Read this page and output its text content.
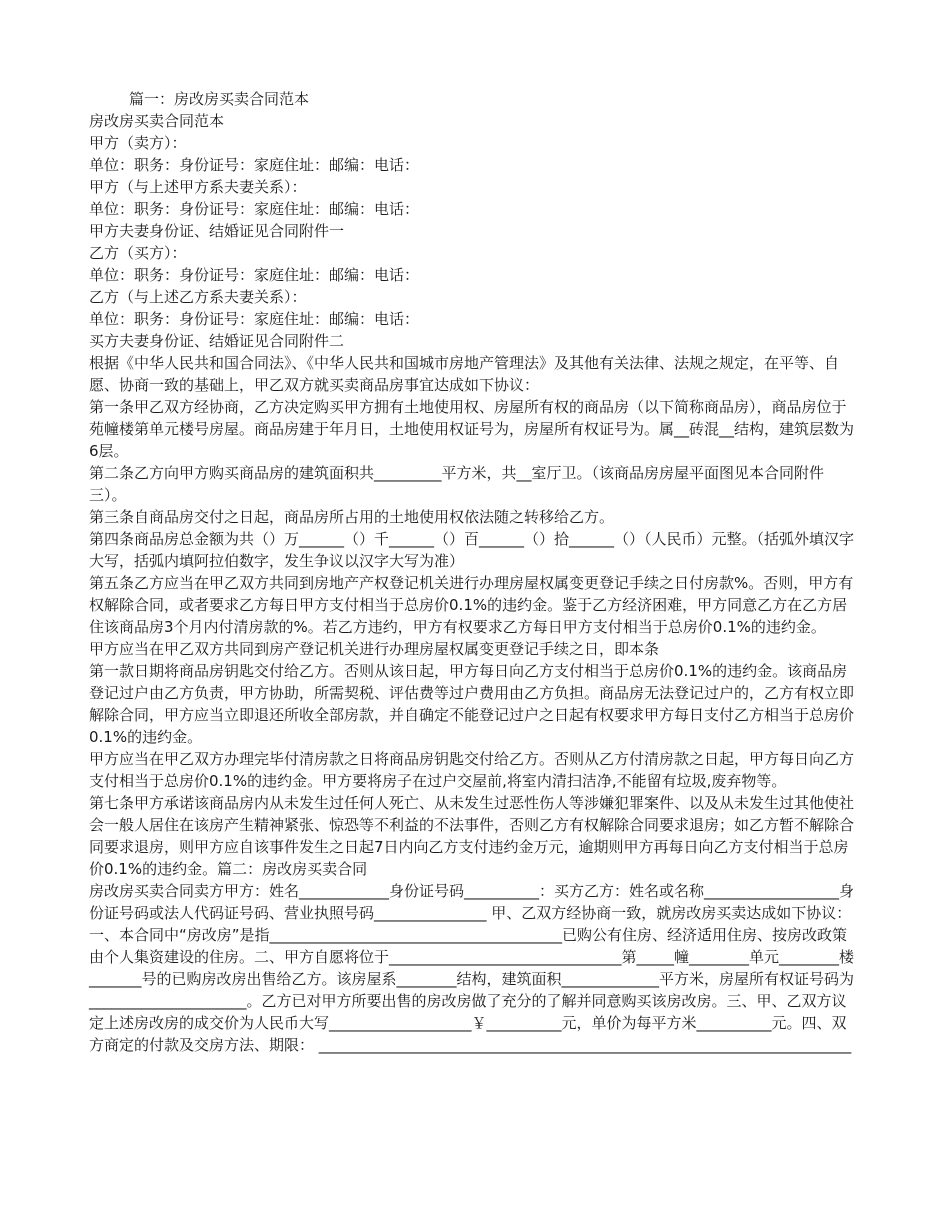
篇一：房改房买卖合同范本
房改房买卖合同范本
甲方（卖方）：
单位：职务：身份证号：家庭住址：邮编：电话：
甲方（与上述甲方系夫妻关系）：
单位：职务：身份证号：家庭住址：邮编：电话：
甲方夫妻身份证、结婚证见合同附件一
乙方（买方）：
单位：职务：身份证号：家庭住址：邮编：电话：
乙方（与上述乙方系夫妻关系）：
单位：职务：身份证号：家庭住址：邮编：电话：
买方夫妻身份证、结婚证见合同附件二
根据《中华人民共和国合同法》、《中华人民共和国城市房地产管理法》及其他有关法律、法规之规定，在平等、自愿、协商一致的基础上，甲乙双方就买卖商品房事宜达成如下协议：
第一条甲乙双方经协商，乙方决定购买甲方拥有土地使用权、房屋所有权的商品房（以下简称商品房），商品房位于苑幢楼第单元楼号房屋。商品房建于年月日，土地使用权证号为，房屋所有权证号为。属__砖混__结构，建筑层数为6层。
第二条乙方向甲方购买商品房的建筑面积共_________平方米，共__室厅卫。（该商品房房屋平面图见本合同附件三）。
第三条自商品房交付之日起，商品房所占用的土地使用权依法随之转移给乙方。
第四条商品房总金额为共（）万______（）千______（）百______（）拾______（）（人民币）元整。（括弧外填汉字大写，括弧内填阿拉伯数字，发生争议以汉字大写为准）
第五条乙方应当在甲乙双方共同到房地产产权登记机关进行办理房屋权属变更登记手续之日付房款%。否则，甲方有权解除合同，或者要求乙方每日甲方支付相当于总房价0.1%的违约金。鉴于乙方经济困难，甲方同意乙方在乙方居住该商品房3个月内付清房款的%。若乙方违约，甲方有权要求乙方每日甲方支付相当于总房价0.1%的违约金。
甲方应当在甲乙双方共同到房产登记机关进行办理房屋权属变更登记手续之日，即本条
第一款日期将商品房钥匙交付给乙方。否则从该日起，甲方每日向乙方支付相当于总房价0.1%的违约金。该商品房登记过户由乙方负责，甲方协助，所需契税、评估费等过户费用由乙方负担。商品房无法登记过户的，乙方有权立即解除合同，甲方应当立即退还所收全部房款，并自确定不能登记过户之日起有权要求甲方每日支付乙方相当于总房价0.1%的违约金。
甲方应当在甲乙双方办理完毕付清房款之日将商品房钥匙交付给乙方。否则从乙方付清房款之日起，甲方每日向乙方支付相当于总房价0.1%的违约金。甲方要将房子在过户交屋前,将室内清扫洁净,不能留有垃圾,废弃物等。
第七条甲方承诺该商品房内从未发生过任何人死亡、从未发生过恶性伤人等涉嫌犯罪案件、以及从未发生过其他使社会一般人居住在该房产生精神紧张、惊恐等不利益的不法事件，否则乙方有权解除合同要求退房；如乙方暂不解除合同要求退房，则甲方应自该事件发生之日起7日内向乙方支付违约金万元，逾期则甲方再每日向乙方支付相当于总房价0.1%的违约金。篇二：房改房买卖合同
房改房买卖合同卖方甲方：姓名____________身份证号码__________：买方乙方：姓名或名称__________________身份证号码或法人代码证号码、营业执照号码_______________ 甲、乙双方经协商一致，就房改房买卖达成如下协议：一、本合同中“房改房”是指_______________________________________已购公有住房、经济适用住房、按房改政策由个人集资建设的住房。二、甲方自愿将位于_______________________________第_____幢________单元________楼_______号的已购房改房出售给乙方。该房屋系________结构，建筑面积_____________平方米，房屋所有权证号码为_____________________。乙方已对甲方所要出售的房改房做了充分的了解并同意购买该房改房。三、甲、乙双方议定上述房改房的成交价为人民币大写___________________￥__________元，单价为每平方米__________元。四、双方商定的付款及交房方法、期限： _______________________________________________________________________
